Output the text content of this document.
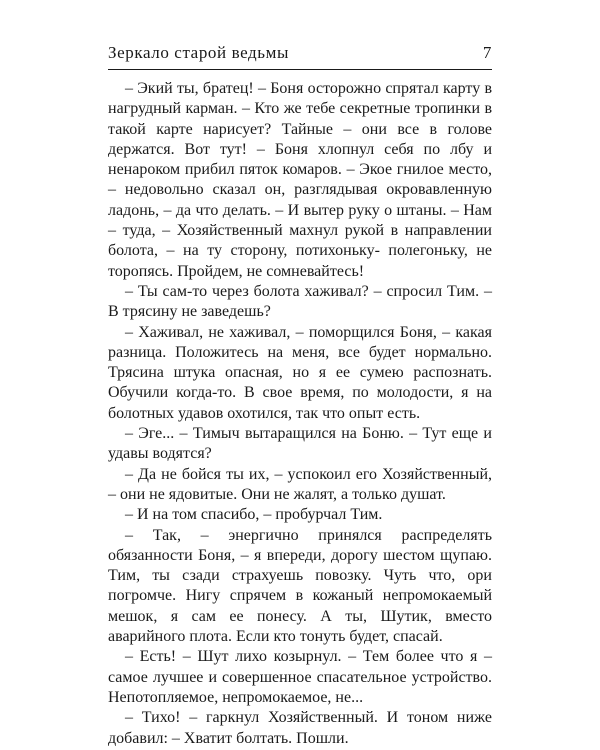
Зеркало старой ведьмы	7

– Экий ты, братец! – Боня осторожно спрятал карту в нагрудный карман. – Кто же тебе секретные тропинки в такой карте нарисует? Тайные – они все в голове держатся. Вот тут! – Боня хлопнул себя по лбу и ненароком прибил пяток комаров. – Экое гнилое место, – недовольно сказал он, разглядывая окровавленную ладонь, – да что делать. – И вытер руку о штаны. – Нам – туда, – Хозяйственный махнул рукой в направлении болота, – на ту сторону, потихоньку- полегоньку, не торопясь. Пройдем, не сомневайтесь!

– Ты сам-то через болота хаживал? – спросил Тим. – В трясину не заведешь?

– Хаживал, не хаживал, – поморщился Боня, – какая разница. Положитесь на меня, все будет нормально. Трясина штука опасная, но я ее сумею распознать. Обучили когда-то. В свое время, по молодости, я на болотных удавов охотился, так что опыт есть.

– Эге... – Тимыч вытаращился на Боню. – Тут еще и удавы водятся?

– Да не бойся ты их, – успокоил его Хозяйственный, – они не ядовитые. Они не жалят, а только душат.

– И на том спасибо, – пробурчал Тим.

– Так, – энергично принялся распределять обязанности Боня, – я впереди, дорогу шестом щупаю. Тим, ты сзади страхуешь повозку. Чуть что, ори погромче. Нигу спрячем в кожаный непромокаемый мешок, я сам ее понесу. А ты, Шутик, вместо аварийного плота. Если кто тонуть будет, спасай.

– Есть! – Шут лихо козырнул. – Тем более что я – самое лучшее и совершенное спасательное устройство. Непотопляемое, непромокаемое, не...

– Тихо! – гаркнул Хозяйственный. И тоном ниже добавил: – Хватит болтать. Пошли.
